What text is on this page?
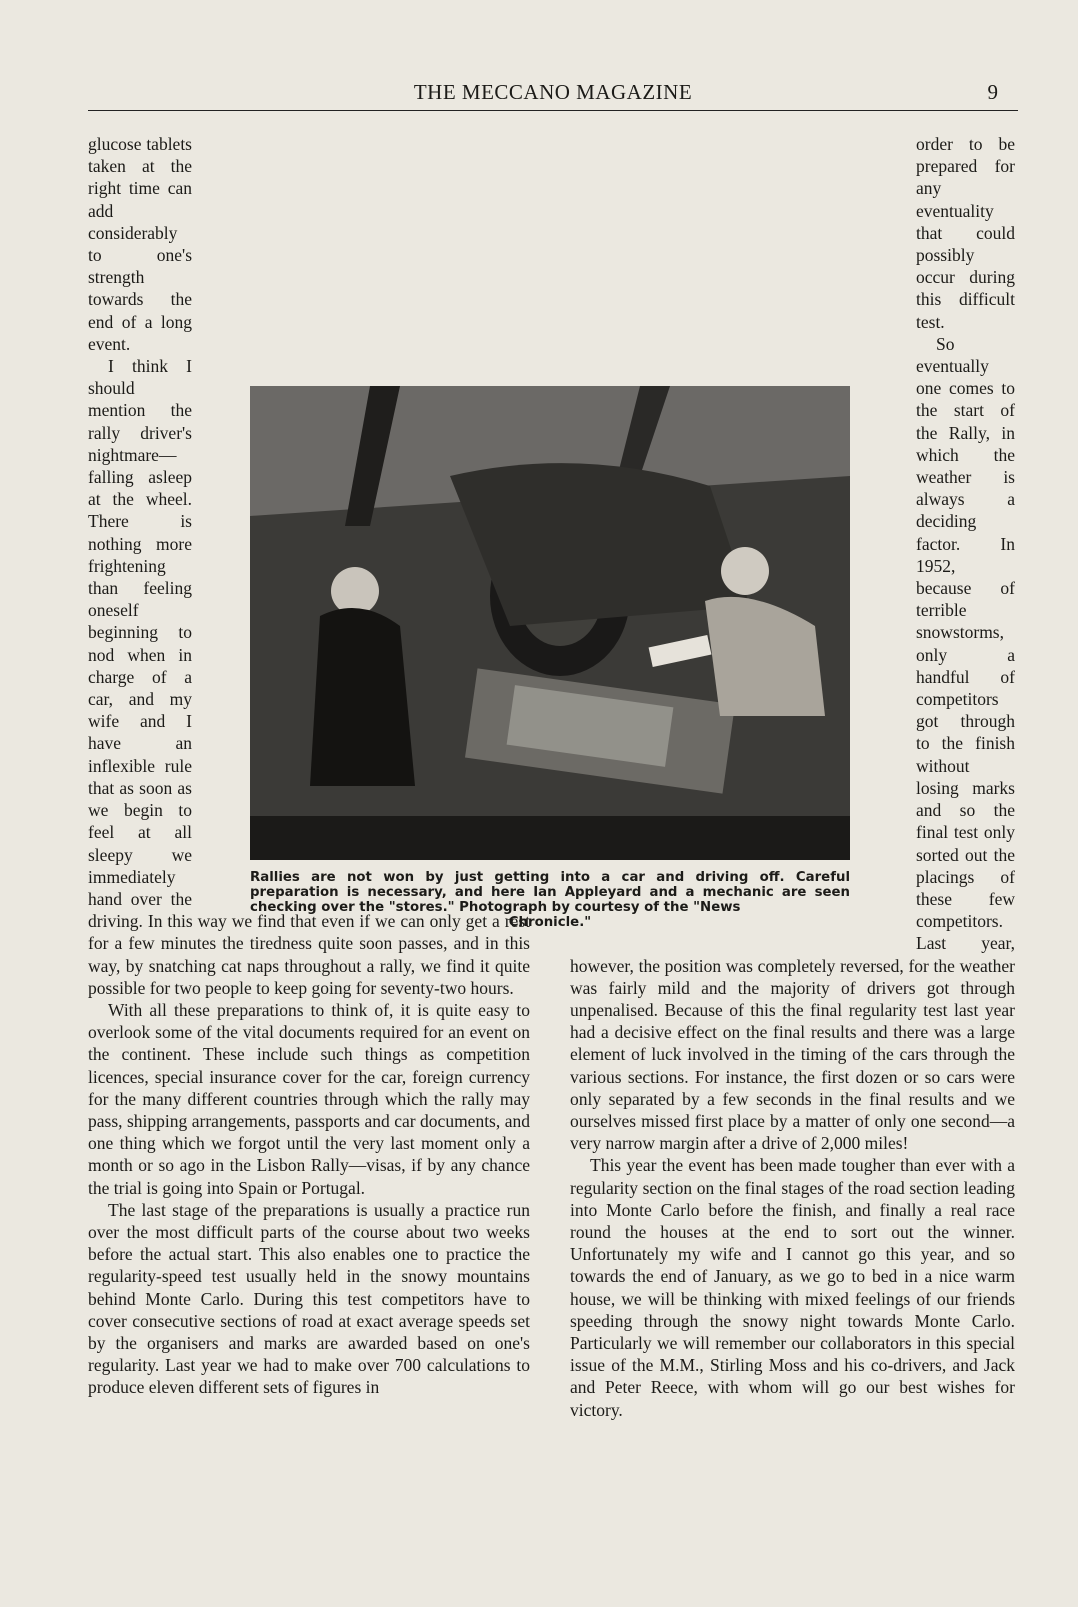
THE MECCANO MAGAZINE	9

glucose tablets taken at the right time can add considerably to one's strength towards the end of a long event.

I think I should mention the rally driver's nightmare—falling asleep at the wheel. There is nothing more frightening than feeling oneself beginning to nod when in charge of a car, and my wife and I have an inflexible rule that as soon as we begin to feel at all sleepy we immediately hand over the driving. In this way we find that even if we can only get a rest for a few minutes the tiredness quite soon passes, and in this way, by snatching cat naps throughout a rally, we find it quite possible for two people to keep going for seventy-two hours.

With all these preparations to think of, it is quite easy to overlook some of the vital documents required for an event on the continent. These include such things as competition licences, special insurance cover for the car, foreign currency for the many different countries through which the rally may pass, shipping arrangements, passports and car documents, and one thing which we forgot until the very last moment only a month or so ago in the Lisbon Rally—visas, if by any chance the trial is going into Spain or Portugal.

The last stage of the preparations is usually a practice run over the most difficult parts of the course about two weeks before the actual start. This also enables one to practice the regularity-speed test usually held in the snowy mountains behind Monte Carlo. During this test competitors have to cover consecutive sections of road at exact average speeds set by the organisers and marks are awarded based on one's regularity. Last year we had to make over 700 calculations to produce eleven different sets of figures in

order to be prepared for any eventuality that could possibly occur during this difficult test.

So eventually one comes to the start of the Rally, in which the weather is always a deciding factor. In 1952, because of terrible snowstorms, only a handful of competitors got through to the finish without losing marks and so the final test only sorted out the placings of these few competitors. Last year, however, the position was completely reversed, for the weather was fairly mild and the majority of drivers got through unpenalised. Because of this the final regularity test last year had a decisive effect on the final results and there was a large element of luck involved in the timing of the cars through the various sections. For instance, the first dozen or so cars were only separated by a few seconds in the final results and we ourselves missed first place by a matter of only one second—a very narrow margin after a drive of 2,000 miles!

This year the event has been made tougher than ever with a regularity section on the final stages of the road section leading into Monte Carlo before the finish, and finally a real race round the houses at the end to sort out the winner. Unfortunately my wife and I cannot go this year, and so towards the end of January, as we go to bed in a nice warm house, we will be thinking with mixed feelings of our friends speeding through the snowy night towards Monte Carlo. Particularly we will remember our collaborators in this special issue of the M.M., Stirling Moss and his co-drivers, and Jack and Peter Reece, with whom will go our best wishes for victory.

Rallies are not won by just getting into a car and driving off. Careful preparation is necessary, and here Ian Appleyard and a mechanic are seen checking over the "stores." Photograph by courtesy of the "News
Chronicle."
